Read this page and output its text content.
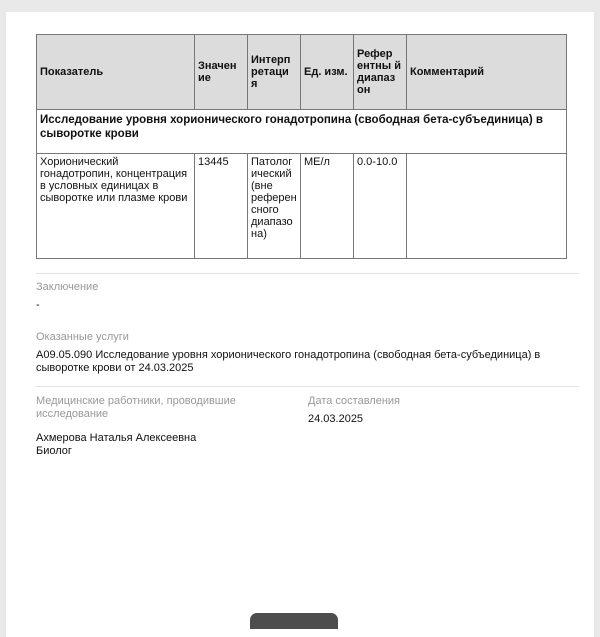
Показатель	Значен ие	Интерп ретаци я	Ед. изм.	Рефер ентны й диапаз он	Комментарий
Исследование уровня хорионического гонадотропина (свободная бета-субъединица) в сыворотке крови					
Хорионический гонадотропин, концентрация в условных единицах в сыворотке или плазме крови	13445	Патолог ический (вне референ сного диапазо на)	МЕ/л	0.0-10.0	
Заключение
-
Оказанные услуги
A09.05.090 Исследование уровня хорионического гонадотропина (свободная бета-субъединица) в сыворотке крови от 24.03.2025
Медицинские работники, проводившие исследование
Ахмерова Наталья Алексеевна
Биолог
Дата составления
24.03.2025
